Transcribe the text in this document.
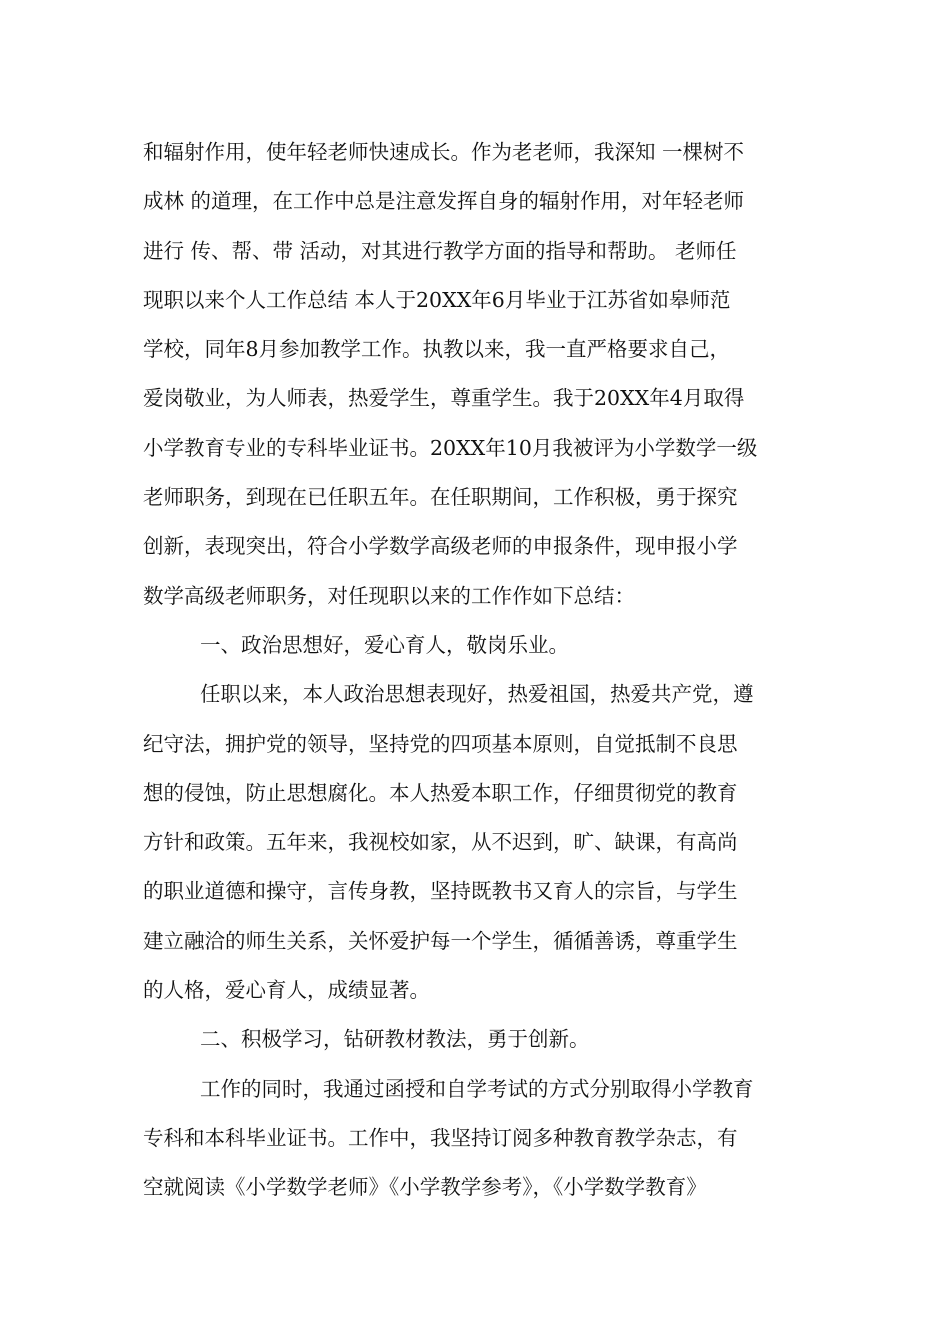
和辐射作用，使年轻老师快速成长。作为老老师，我深知 一棵树不
成林 的道理，在工作中总是注意发挥自身的辐射作用，对年轻老师
进行 传、帮、带 活动，对其进行教学方面的指导和帮助。 老师任
现职以来个人工作总结 本人于20XX年6月毕业于江苏省如皋师范
学校，同年8月参加教学工作。执教以来，我一直严格要求自己，
爱岗敬业，为人师表，热爱学生，尊重学生。我于20XX年4月取得
小学教育专业的专科毕业证书。20XX年10月我被评为小学数学一级
老师职务，到现在已任职五年。在任职期间，工作积极，勇于探究
创新，表现突出，符合小学数学高级老师的申报条件，现申报小学
数学高级老师职务，对任现职以来的工作作如下总结：
一、政治思想好，爱心育人，敬岗乐业。
任职以来，本人政治思想表现好，热爱祖国，热爱共产党，遵
纪守法，拥护党的领导，坚持党的四项基本原则，自觉抵制不良思
想的侵蚀，防止思想腐化。本人热爱本职工作，仔细贯彻党的教育
方针和政策。五年来，我视校如家，从不迟到，旷、缺课，有高尚
的职业道德和操守，言传身教，坚持既教书又育人的宗旨，与学生
建立融洽的师生关系，关怀爱护每一个学生，循循善诱，尊重学生
的人格，爱心育人，成绩显著。
二、积极学习，钻研教材教法，勇于创新。
工作的同时，我通过函授和自学考试的方式分别取得小学教育
专科和本科毕业证书。工作中，我坚持订阅多种教育教学杂志，有
空就阅读《小学数学老师》《小学教学参考》，《小学数学教育》
